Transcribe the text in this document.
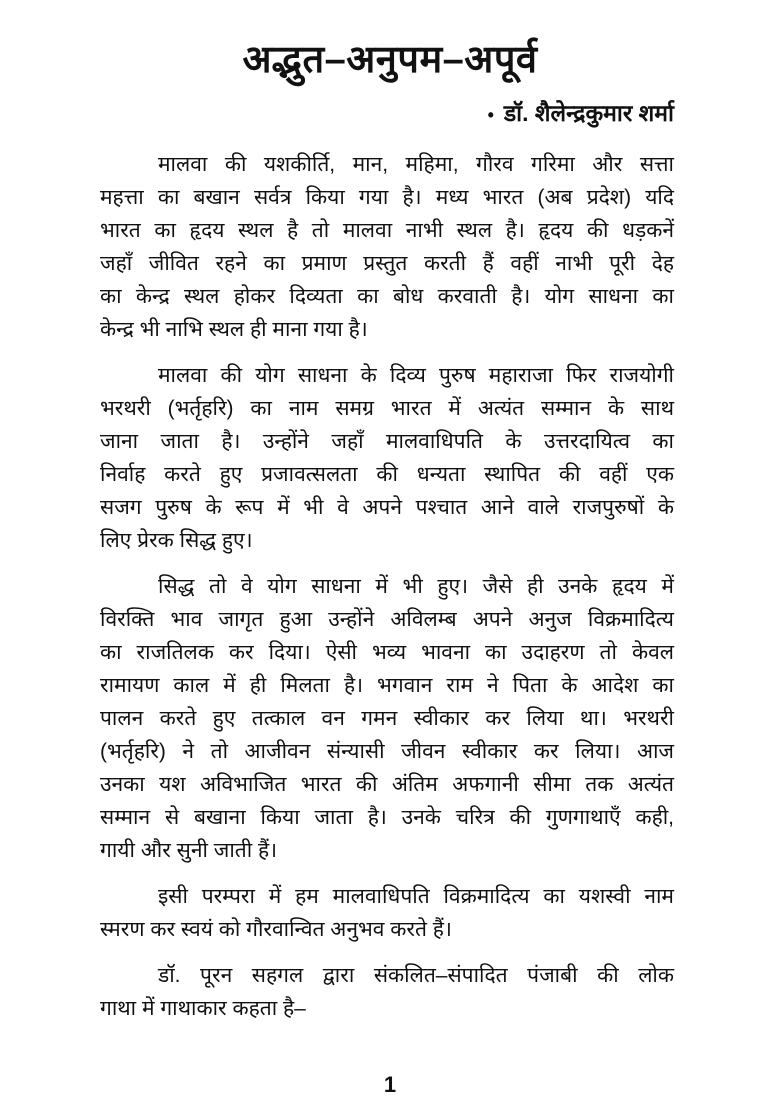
अद्भुत–अनुपम–अपूर्व
• डॉ. शैलेन्द्रकुमार शर्मा

मालवा की यशकीर्ति, मान, महिमा, गौरव गरिमा और सत्ता
महत्ता का बखान सर्वत्र किया गया है। मध्य भारत (अब प्रदेश) यदि
भारत का हृदय स्थल है तो मालवा नाभी स्थल है। हृदय की धड़कनें
जहाँ जीवित रहने का प्रमाण प्रस्तुत करती हैं वहीं नाभी पूरी देह
का केन्द्र स्थल होकर दिव्यता का बोध करवाती है। योग साधना का
केन्द्र भी नाभि स्थल ही माना गया है।

मालवा की योग साधना के दिव्य पुरुष महाराजा फिर राजयोगी
भरथरी (भर्तृहरि) का नाम समग्र भारत में अत्यंत सम्मान के साथ
जाना जाता है। उन्होंने जहाँ मालवाधिपति के उत्तरदायित्व का
निर्वाह करते हुए प्रजावत्सलता की धन्यता स्थापित की वहीं एक
सजग पुरुष के रूप में भी वे अपने पश्चात आने वाले राजपुरुषों के
लिए प्रेरक सिद्ध हुए।

सिद्ध तो वे योग साधना में भी हुए। जैसे ही उनके हृदय में
विरक्ति भाव जागृत हुआ उन्होंने अविलम्ब अपने अनुज विक्रमादित्य
का राजतिलक कर दिया। ऐसी भव्य भावना का उदाहरण तो केवल
रामायण काल में ही मिलता है। भगवान राम ने पिता के आदेश का
पालन करते हुए तत्काल वन गमन स्वीकार कर लिया था। भरथरी
(भर्तृहरि) ने तो आजीवन संन्यासी जीवन स्वीकार कर लिया। आज
उनका यश अविभाजित भारत की अंतिम अफगानी सीमा तक अत्यंत
सम्मान से बखाना किया जाता है। उनके चरित्र की गुणगाथाएँ कही,
गायी और सुनी जाती हैं।

इसी परम्परा में हम मालवाधिपति विक्रमादित्य का यशस्वी नाम
स्मरण कर स्वयं को गौरवान्वित अनुभव करते हैं।

डॉ. पूरन सहगल द्वारा संकलित–संपादित पंजाबी की लोक
गाथा में गाथाकार कहता है–

1
